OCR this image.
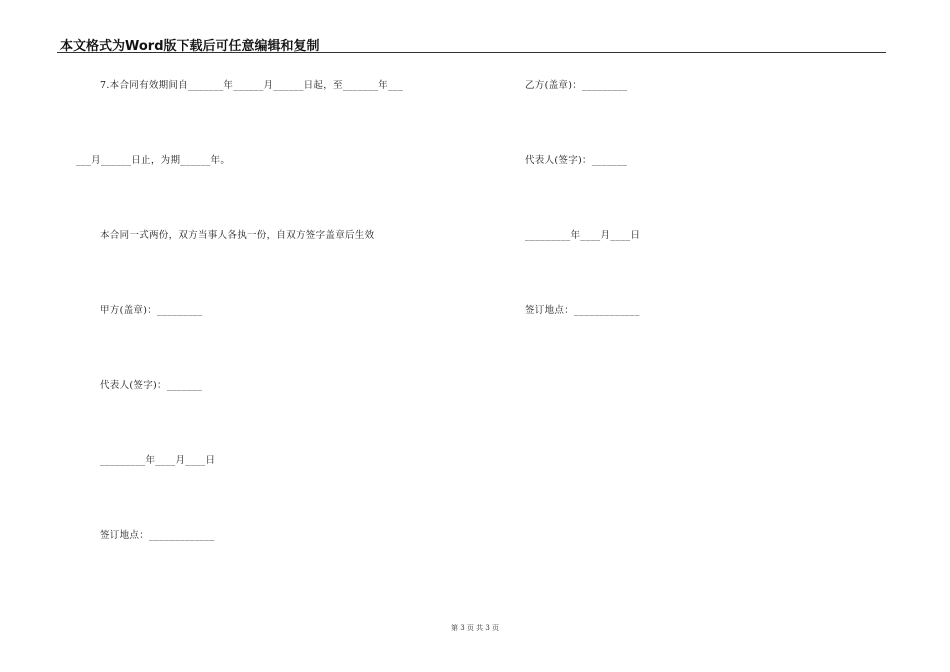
本文格式为Word版下载后可任意编辑和复制
7.本合同有效期间自_______年______月______日起，至_______年___
___月______日止，为期______年。
本合同一式两份，双方当事人各执一份，自双方签字盖章后生效
甲方(盖章)：_________
代表人(签字)：_______
_________年____月____日
签订地点：_____________
乙方(盖章)：_________
代表人(签字)：_______
_________年____月____日
签订地点：_____________
第 3 页 共 3 页
